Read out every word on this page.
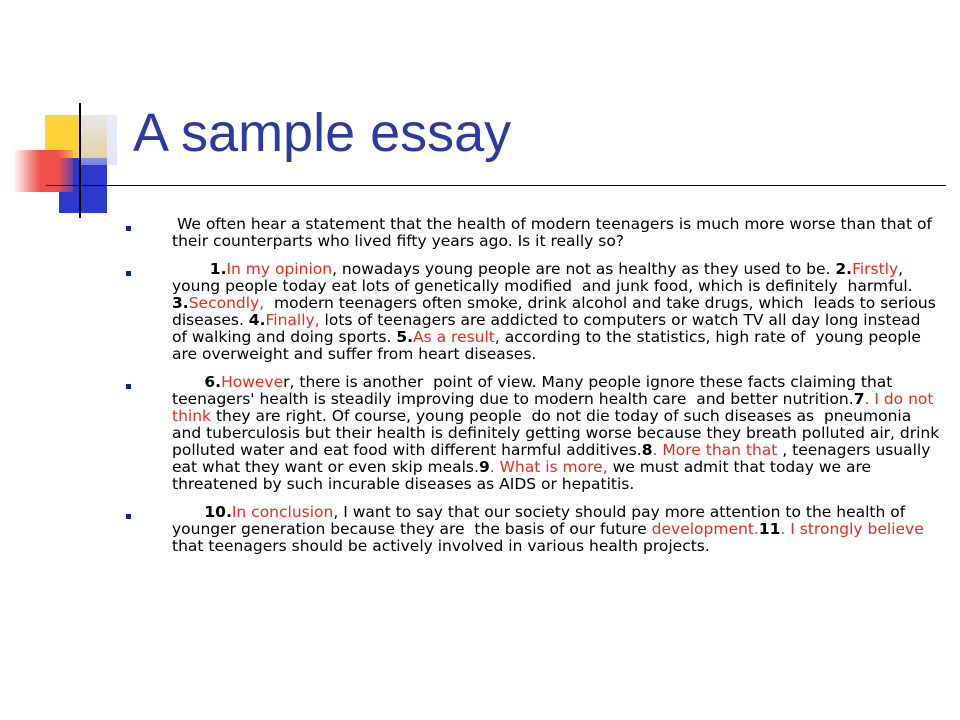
A sample essay
We often hear a statement that the health of modern teenagers is much more worse than that of their counterparts who lived fifty years ago. Is it really so?
1.In my opinion, nowadays young people are not as healthy as they used to be. 2.Firstly, young people today eat lots of genetically modified  and junk food, which is definitely  harmful. 3.Secondly,  modern teenagers often smoke, drink alcohol and take drugs, which  leads to serious diseases. 4.Finally, lots of teenagers are addicted to computers or watch TV all day long instead of walking and doing sports. 5.As a result, according to the statistics, high rate of  young people are overweight and suffer from heart diseases.
6.However, there is another  point of view. Many people ignore these facts claiming that teenagers' health is steadily improving due to modern health care  and better nutrition.7. I do not  think they are right. Of course, young people  do not die today of such diseases as  pneumonia and tuberculosis but their health is definitely getting worse because they breath polluted air, drink polluted water and eat food with different harmful additives.8. More than that , teenagers usually eat what they want or even skip meals.9. What is more, we must admit that today we are threatened by such incurable diseases as AIDS or hepatitis.
10.In conclusion, I want to say that our society should pay more attention to the health of younger generation because they are  the basis of our future development.11. I strongly believe that teenagers should be actively involved in various health projects.
